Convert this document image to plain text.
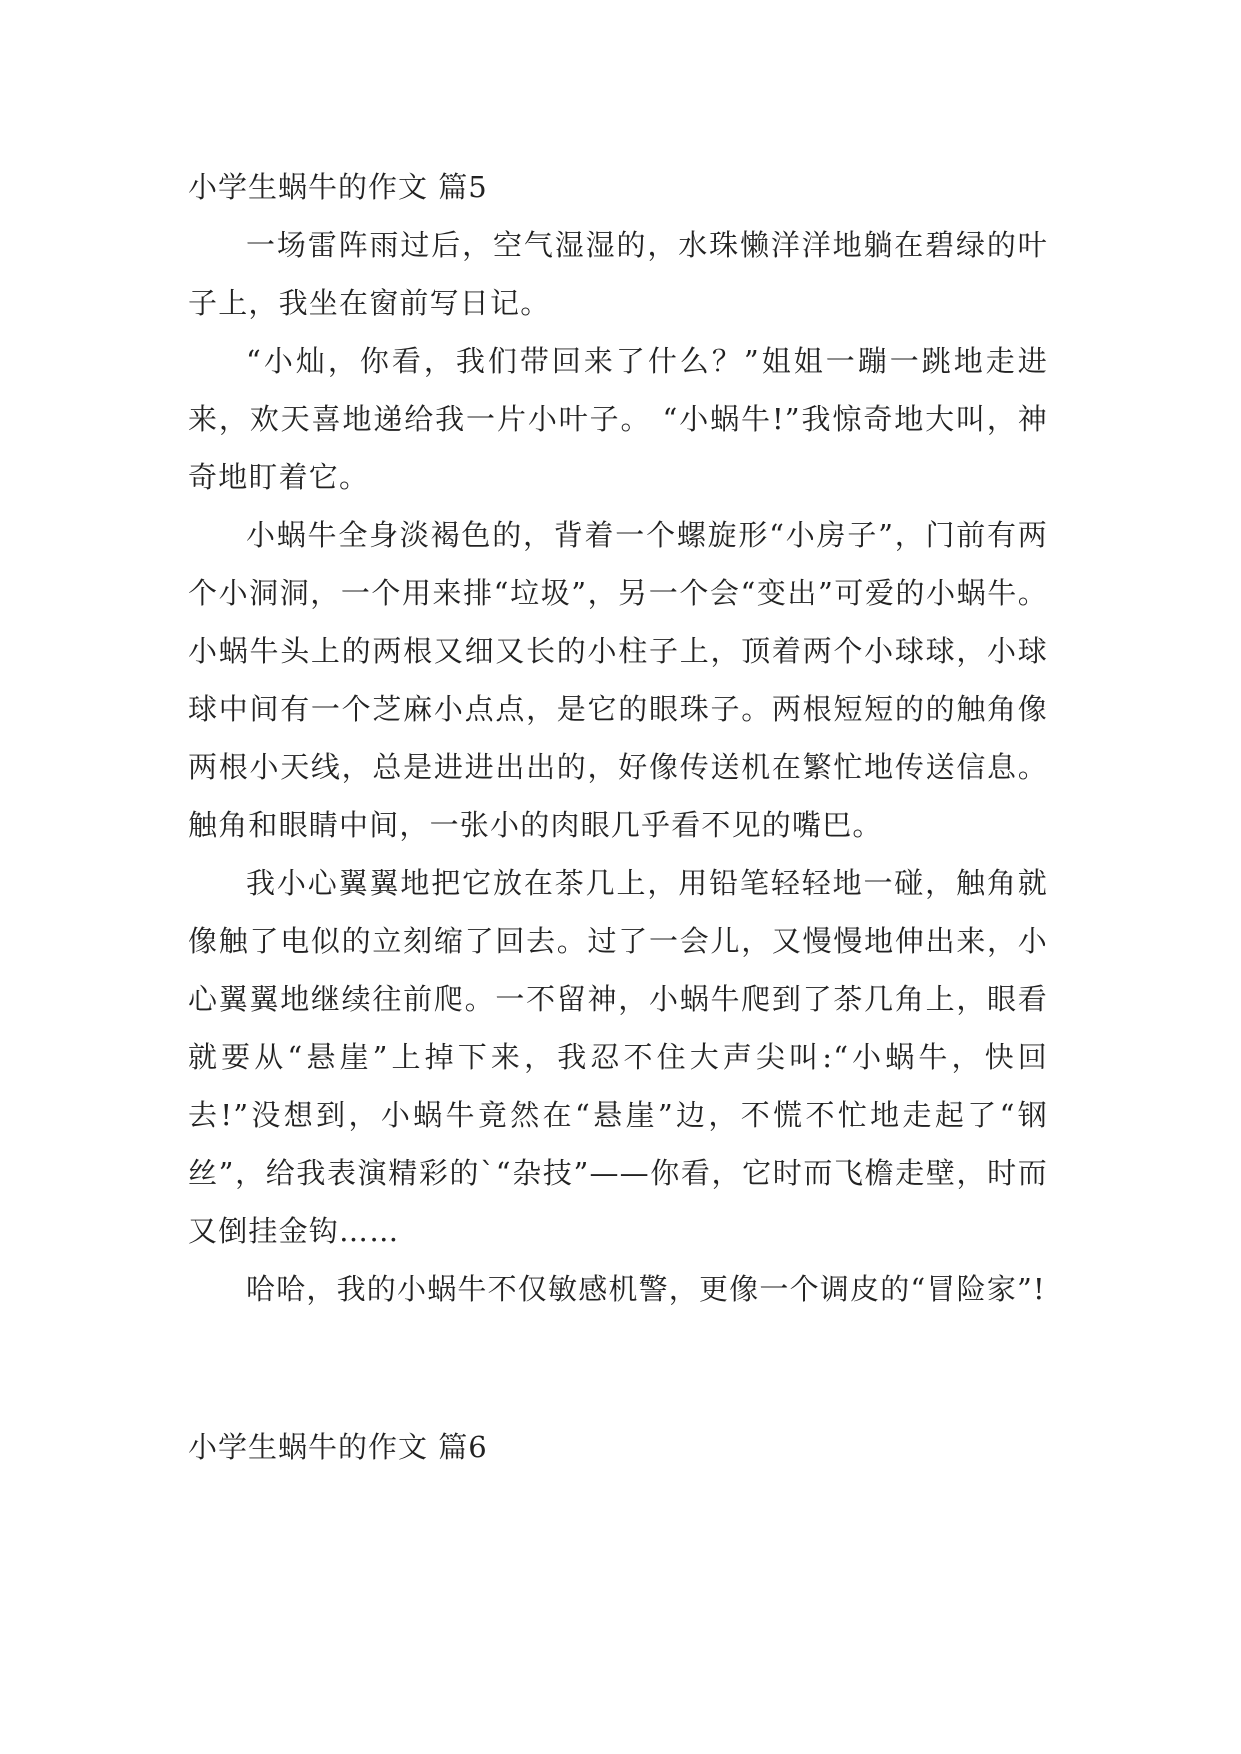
小学生蜗牛的作文 篇5

一场雷阵雨过后，空气湿湿的，水珠懒洋洋地躺在碧绿的叶子上，我坐在窗前写日记。

“小灿，你看，我们带回来了什么？”姐姐一蹦一跳地走进来，欢天喜地递给我一片小叶子。 “小蜗牛!”我惊奇地大叫，神奇地盯着它。

小蜗牛全身淡褐色的，背着一个螺旋形“小房子”，门前有两个小洞洞，一个用来排“垃圾”，另一个会“变出”可爱的小蜗牛。小蜗牛头上的两根又细又长的小柱子上，顶着两个小球球，小球球中间有一个芝麻小点点，是它的眼珠子。两根短短的的触角像两根小天线，总是进进出出的，好像传送机在繁忙地传送信息。触角和眼睛中间，一张小的肉眼几乎看不见的嘴巴。

我小心翼翼地把它放在茶几上，用铅笔轻轻地一碰，触角就像触了电似的立刻缩了回去。过了一会儿，又慢慢地伸出来，小心翼翼地继续往前爬。一不留神，小蜗牛爬到了茶几角上，眼看就要从“悬崖”上掉下来，我忍不住大声尖叫:“小蜗牛，快回去!”没想到，小蜗牛竟然在“悬崖”边，不慌不忙地走起了“钢丝”，给我表演精彩的`“杂技”——你看，它时而飞檐走壁，时而又倒挂金钩……

哈哈，我的小蜗牛不仅敏感机警，更像一个调皮的“冒险家”!

小学生蜗牛的作文 篇6
